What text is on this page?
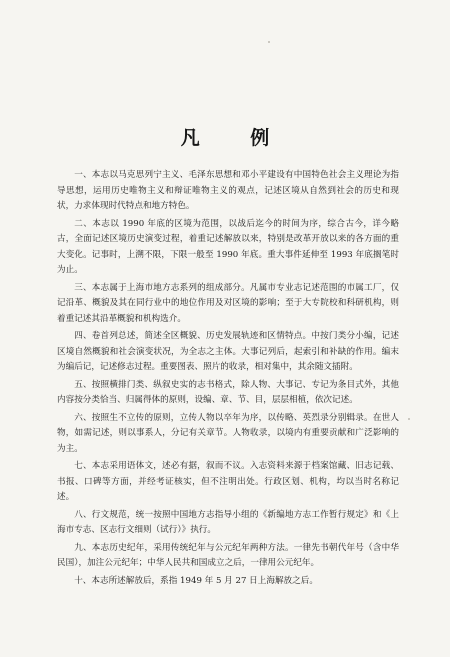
凡 例

一、本志以马克思列宁主义、毛泽东思想和邓小平建设有中国特色社会主义理论为指导思想，运用历史唯物主义和辩证唯物主义的观点，记述区境从自然到社会的历史和现状，力求体现时代特点和地方特色。

二、本志以 1990 年底的区境为范围，以战后迄今的时间为序，综合古今，详今略古，全面记述区境历史演变过程，着重记述解放以来，特别是改革开放以来的各方面的重大变化。记事时，上溯不限，下限一般至 1990 年底。重大事件延伸至 1993 年底搁笔时为止。

三、本志属于上海市地方志系列的组成部分。凡属市专业志记述范围的市属工厂，仅记沿革、概貌及其在同行业中的地位作用及对区境的影响；至于大专院校和科研机构，则着重记述其沿革概貌和机构选介。

四、卷首列总述，简述全区概貌、历史发展轨迹和区情特点。中按门类分小编，记述区境自然概貌和社会演变状况，为全志之主体。大事记列后，起索引和补缺的作用。编末为编后记，记述修志过程。重要图表、照片的收录，相对集中，其余随文插附。

五、按照横排门类、纵叙史实的志书格式，除人物、大事记、专记为条目式外，其他内容按分类恰当、归属得体的原则，设编、章、节、目，层层相植，依次记述。

六、按照生不立传的原则，立传人物以卒年为序，以传略、英烈录分别辑录。在世人物，如需记述，则以事系人，分记有关章节。人物收录，以境内有重要贡献和广泛影响的为主。

七、本志采用语体文，述必有据，叙而不议。入志资料来源于档案馆藏、旧志记载、书报、口碑等方面，并经考证核实，但不注明出处。行政区划、机构，均以当时名称记述。

八、行文规范，统一按照中国地方志指导小组的《新编地方志工作暂行规定》和《上海市专志、区志行文细则（试行）》执行。

九、本志历史纪年，采用传统纪年与公元纪年两种方法。一律先书朝代年号（含中华民国），加注公元纪年；中华人民共和国成立之后，一律用公元纪年。

十、本志所述解放后，系指 1949 年 5 月 27 日上海解放之后。
